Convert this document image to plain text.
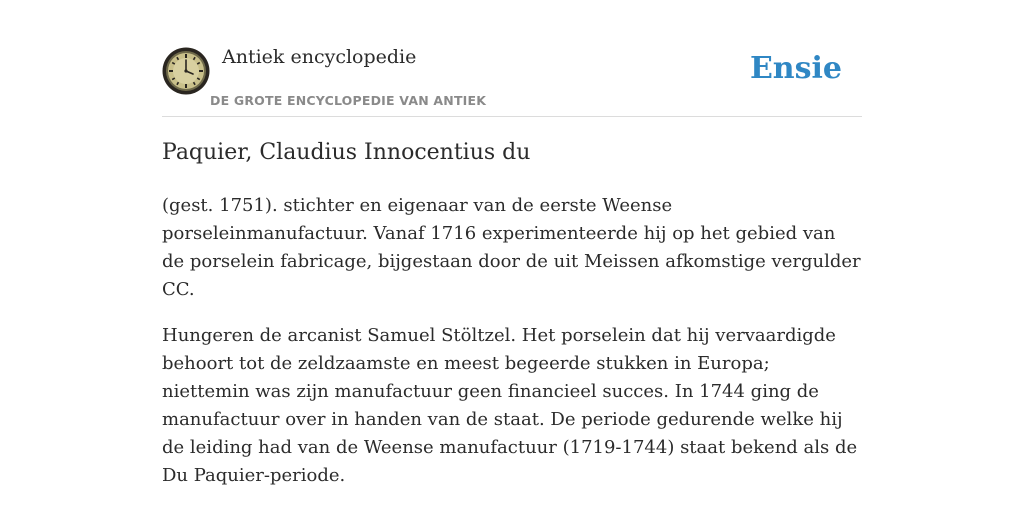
Antiek encyclopedie
DE GROTE ENCYCLOPEDIE VAN ANTIEK
Ensie
Paquier, Claudius Innocentius du

(gest. 1751). stichter en eigenaar van de eerste Weense porseleinmanufactuur. Vanaf 1716 experimenteerde hij op het gebied van de porselein fabricage, bijgestaan door de uit Meissen afkomstige vergulder CC.

Hungeren de arcanist Samuel Stöltzel. Het porselein dat hij vervaardigde behoort tot de zeldzaamste en meest begeerde stukken in Europa; niettemin was zijn manufactuur geen financieel succes. In 1744 ging de manufactuur over in handen van de staat. De periode gedurende welke hij de leiding had van de Weense manufactuur (1719-1744) staat bekend als de Du Paquier-periode.
